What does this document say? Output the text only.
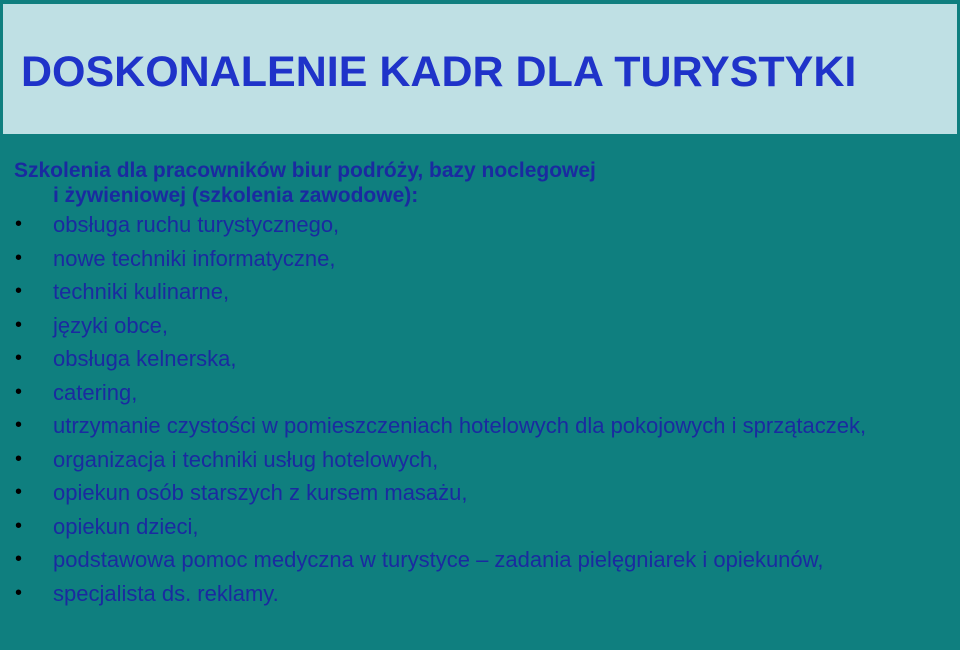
DOSKONALENIE KADR DLA TURYSTYKI

Szkolenia dla pracowników biur podróży, bazy noclegowej
i żywieniowej (szkolenia zawodowe):

• obsługa ruchu turystycznego,
• nowe techniki informatyczne,
• techniki kulinarne,
• języki obce,
• obsługa kelnerska,
• catering,
• utrzymanie czystości w pomieszczeniach hotelowych dla pokojowych i sprzątaczek,
• organizacja i techniki usług hotelowych,
• opiekun osób starszych z kursem masażu,
• opiekun dzieci,
• podstawowa pomoc medyczna w turystyce – zadania pielęgniarek i opiekunów,
• specjalista ds. reklamy.
